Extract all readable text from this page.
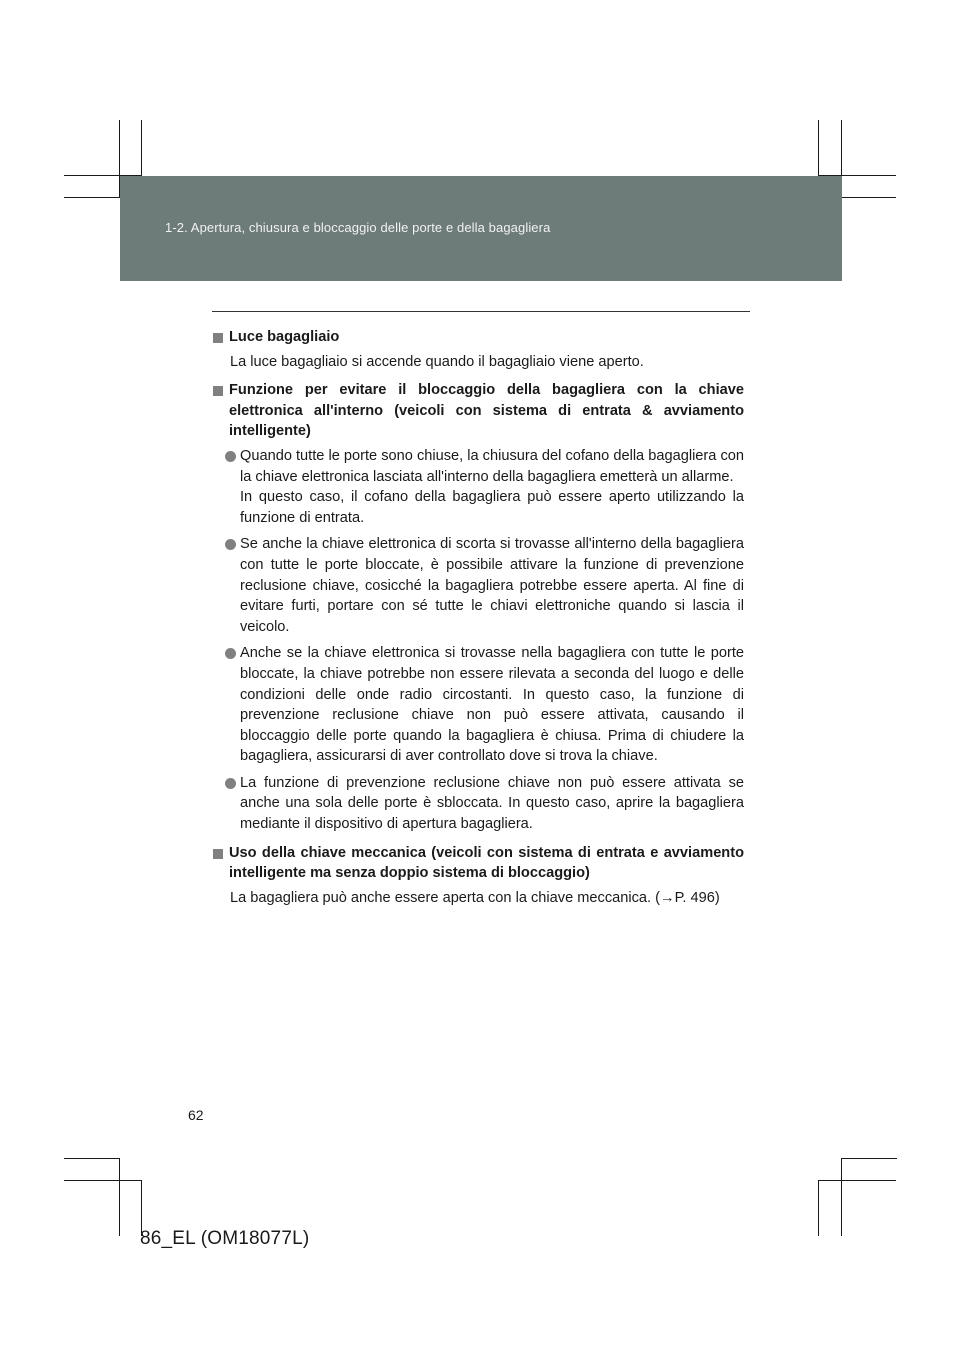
1-2. Apertura, chiusura e bloccaggio delle porte e della bagagliera
Luce bagagliaio
La luce bagagliaio si accende quando il bagagliaio viene aperto.
Funzione per evitare il bloccaggio della bagagliera con la chiave elettronica all'interno (veicoli con sistema di entrata & avviamento intelligente)
Quando tutte le porte sono chiuse, la chiusura del cofano della bagagliera con la chiave elettronica lasciata all'interno della bagagliera emetterà un allarme.
In questo caso, il cofano della bagagliera può essere aperto utilizzando la funzione di entrata.
Se anche la chiave elettronica di scorta si trovasse all'interno della bagagliera con tutte le porte bloccate, è possibile attivare la funzione di prevenzione reclusione chiave, cosicché la bagagliera potrebbe essere aperta. Al fine di evitare furti, portare con sé tutte le chiavi elettroniche quando si lascia il veicolo.
Anche se la chiave elettronica si trovasse nella bagagliera con tutte le porte bloccate, la chiave potrebbe non essere rilevata a seconda del luogo e delle condizioni delle onde radio circostanti. In questo caso, la funzione di prevenzione reclusione chiave non può essere attivata, causando il bloccaggio delle porte quando la bagagliera è chiusa. Prima di chiudere la bagagliera, assicurarsi di aver controllato dove si trova la chiave.
La funzione di prevenzione reclusione chiave non può essere attivata se anche una sola delle porte è sbloccata. In questo caso, aprire la bagagliera mediante il dispositivo di apertura bagagliera.
Uso della chiave meccanica (veicoli con sistema di entrata e avviamento intelligente ma senza doppio sistema di bloccaggio)
La bagagliera può anche essere aperta con la chiave meccanica. (→P. 496)
62
86_EL (OM18077L)
